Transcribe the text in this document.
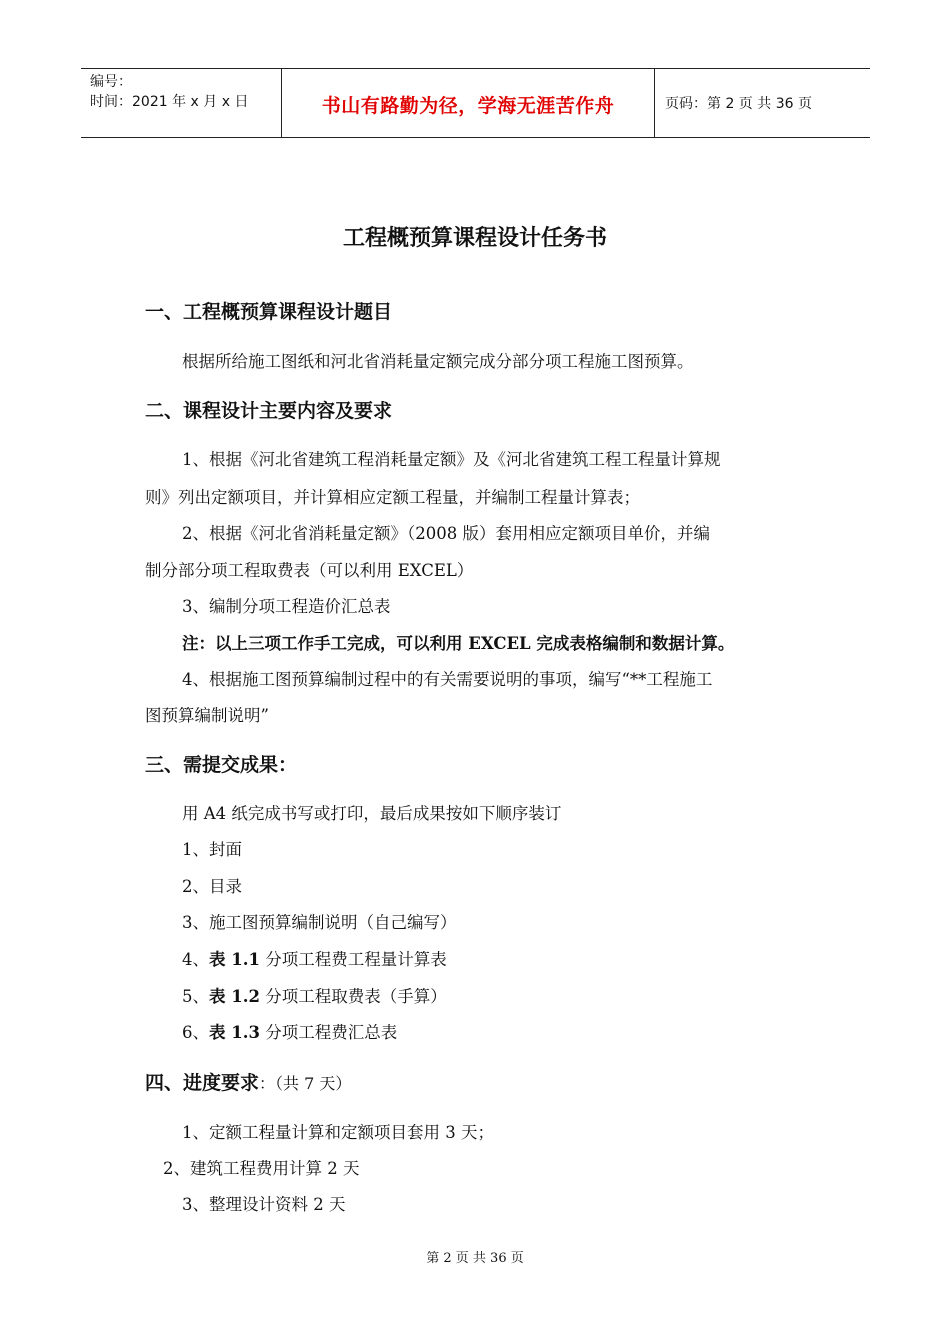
编号：
时间：2021 年 x 月 x 日	书山有路勤为径，学海无涯苦作舟	页码：第 2 页 共 36 页
工程概预算课程设计任务书
一、工程概预算课程设计题目
根据所给施工图纸和河北省消耗量定额完成分部分项工程施工图预算。
二、课程设计主要内容及要求
1、根据《河北省建筑工程消耗量定额》及《河北省建筑工程工程量计算规
则》列出定额项目，并计算相应定额工程量，并编制工程量计算表；
2、根据《河北省消耗量定额》（2008 版）套用相应定额项目单价，并编
制分部分项工程取费表（可以利用 EXCEL）
3、编制分项工程造价汇总表
注：以上三项工作手工完成，可以利用 EXCEL 完成表格编制和数据计算。
4、根据施工图预算编制过程中的有关需要说明的事项，编写“**工程施工
图预算编制说明”
三、需提交成果：
用 A4 纸完成书写或打印，最后成果按如下顺序装订
1、封面
2、目录
3、施工图预算编制说明（自己编写）
4、表 1.1 分项工程费工程量计算表
5、表 1.2 分项工程取费表（手算）
6、表 1.3 分项工程费汇总表
四、进度要求：（共 7 天）
1、定额工程量计算和定额项目套用 3 天；
2、建筑工程费用计算 2 天
3、整理设计资料 2 天
第 2 页 共 36 页
